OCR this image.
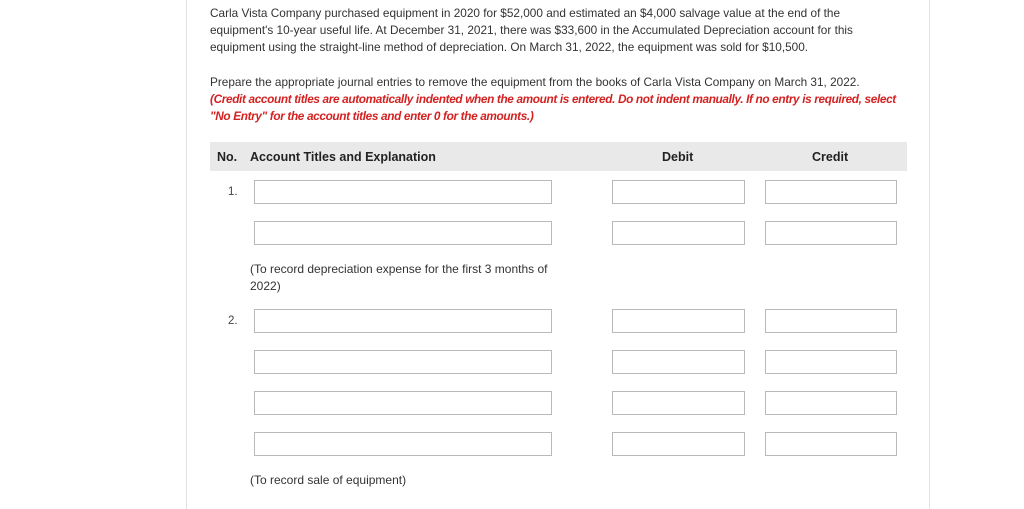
Carla Vista Company purchased equipment in 2020 for $52,000 and estimated an $4,000 salvage value at the end of the equipment's 10-year useful life. At December 31, 2021, there was $33,600 in the Accumulated Depreciation account for this equipment using the straight-line method of depreciation. On March 31, 2022, the equipment was sold for $10,500.
Prepare the appropriate journal entries to remove the equipment from the books of Carla Vista Company on March 31, 2022.
(Credit account titles are automatically indented when the amount is entered. Do not indent manually. If no entry is required, select "No Entry" for the account titles and enter 0 for the amounts.)
No. Account Titles and Explanation	Debit	Credit
1.
(To record depreciation expense for the first 3 months of
2022)
2.
(To record sale of equipment)
